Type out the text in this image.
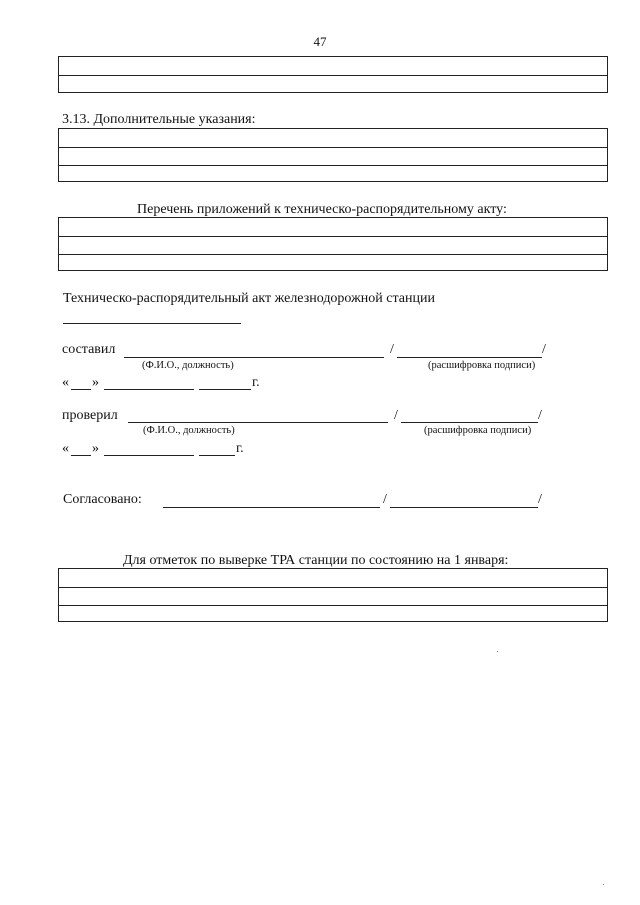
47
3.13. Дополнительные указания:
Перечень приложений к техническо-распорядительному акту:
Техническо-распорядительный акт железнодорожной станции
составил	/	/
(Ф.И.О., должность)	(расшифровка подписи)
« »	г.
проверил	/	/
(Ф.И.О., должность)	(расшифровка подписи)
« »	г.
Согласовано:	/	/
Для отметок по выверке ТРА станции по состоянию на 1 января:
